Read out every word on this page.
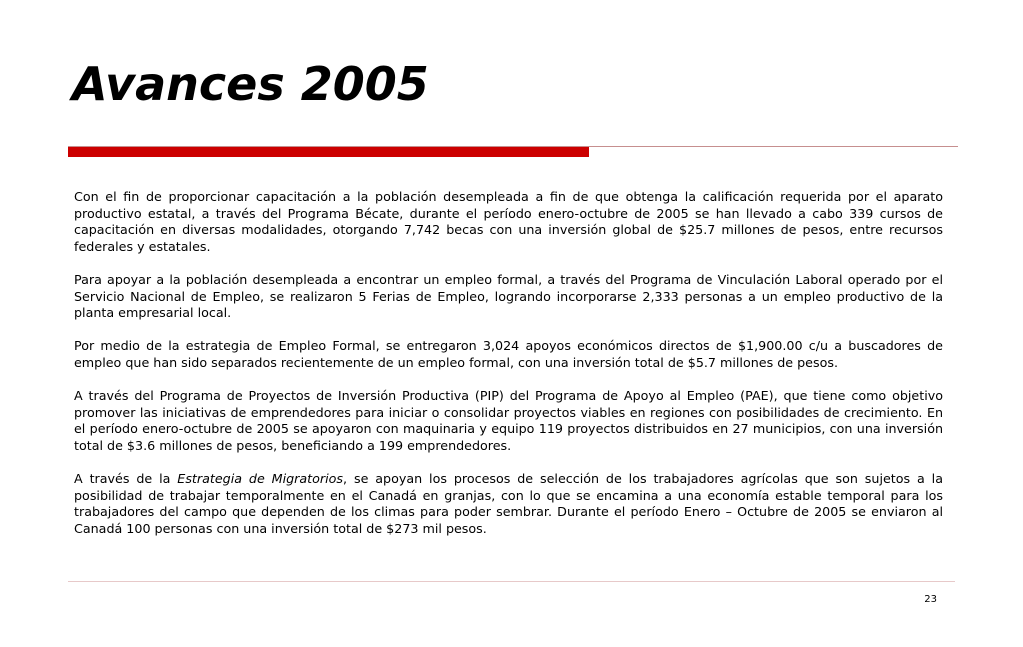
Avances 2005

Con el fin de proporcionar capacitación a la población desempleada a fin de que obtenga la calificación requerida por el aparato productivo estatal, a través del Programa Bécate, durante el período enero-octubre de 2005 se han llevado a cabo 339 cursos de capacitación en diversas modalidades, otorgando 7,742 becas con una inversión global de $25.7 millones de pesos, entre recursos federales y estatales.

Para apoyar a la población desempleada a encontrar un empleo formal, a través del Programa de Vinculación Laboral operado por el Servicio Nacional de Empleo, se realizaron 5 Ferias de Empleo, logrando incorporarse 2,333 personas a un empleo productivo de la planta empresarial local.

Por medio de la estrategia de Empleo Formal, se entregaron 3,024 apoyos económicos directos de $1,900.00 c/u a buscadores de empleo que han sido separados recientemente de un empleo formal, con una inversión total de $5.7 millones de pesos.

A través del Programa de Proyectos de Inversión Productiva (PIP) del Programa de Apoyo al Empleo (PAE), que tiene como objetivo promover las iniciativas de emprendedores para iniciar o consolidar proyectos viables en regiones con posibilidades de crecimiento. En el período enero-octubre de 2005 se apoyaron con maquinaria y equipo 119 proyectos distribuidos en 27 municipios, con una inversión total de $3.6 millones de pesos, beneficiando a 199 emprendedores.

A través de la Estrategia de Migratorios, se apoyan los procesos de selección de los trabajadores agrícolas que son sujetos a la posibilidad de trabajar temporalmente en el Canadá en granjas, con lo que se encamina a una economía estable temporal para los trabajadores del campo que dependen de los climas para poder sembrar. Durante el período Enero – Octubre de 2005 se enviaron al Canadá 100 personas con una inversión total de $273 mil pesos.

23
